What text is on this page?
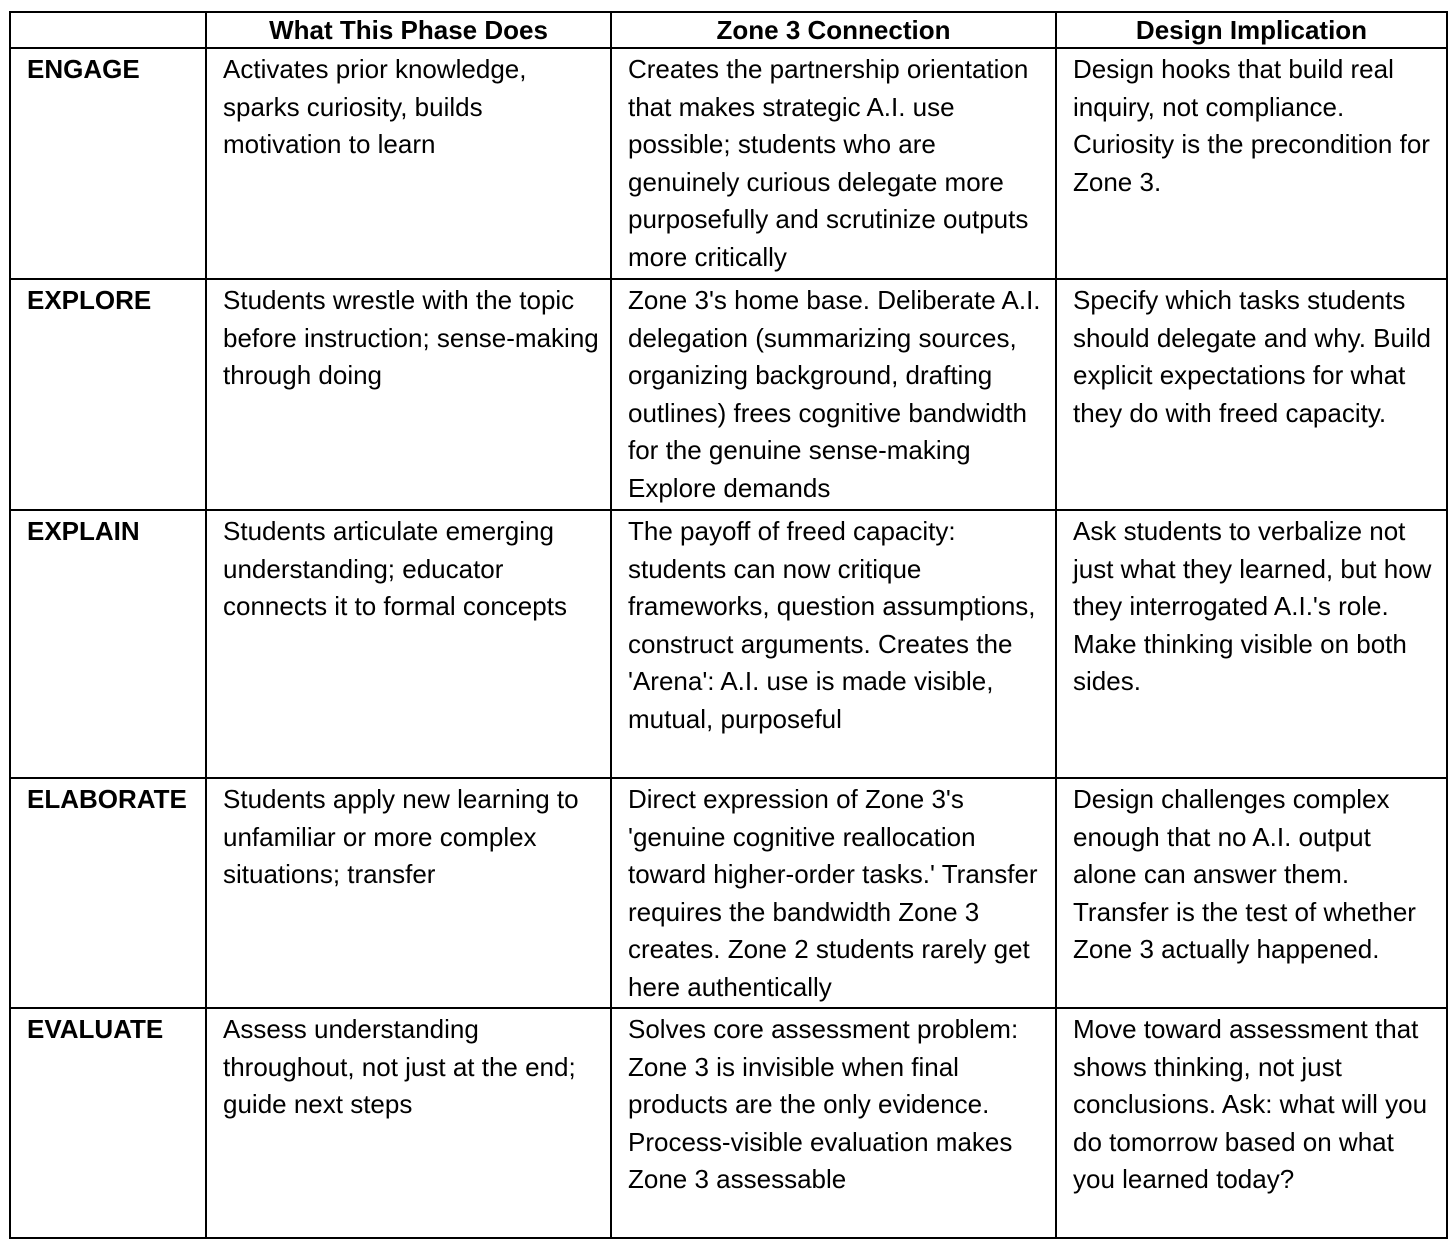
	What This Phase Does	Zone 3 Connection	Design Implication
ENGAGE	Activates prior knowledge, sparks curiosity, builds motivation to learn	Creates the partnership orientation that makes strategic A.I. use possible; students who are genuinely curious delegate more purposefully and scrutinize outputs more critically	Design hooks that build real inquiry, not compliance. Curiosity is the precondition for Zone 3.
EXPLORE	Students wrestle with the topic before instruction; sense-making through doing	Zone 3's home base. Deliberate A.I. delegation (summarizing sources, organizing background, drafting outlines) frees cognitive bandwidth for the genuine sense-making Explore demands	Specify which tasks students should delegate and why. Build explicit expectations for what they do with freed capacity.
EXPLAIN	Students articulate emerging understanding; educator connects it to formal concepts	The payoff of freed capacity: students can now critique frameworks, question assumptions, construct arguments. Creates the 'Arena': A.I. use is made visible, mutual, purposeful	Ask students to verbalize not just what they learned, but how they interrogated A.I.'s role. Make thinking visible on both sides.
ELABORATE	Students apply new learning to unfamiliar or more complex situations; transfer	Direct expression of Zone 3's 'genuine cognitive reallocation toward higher-order tasks.' Transfer requires the bandwidth Zone 3 creates. Zone 2 students rarely get here authentically	Design challenges complex enough that no A.I. output alone can answer them. Transfer is the test of whether Zone 3 actually happened.
EVALUATE	Assess understanding throughout, not just at the end; guide next steps	Solves core assessment problem: Zone 3 is invisible when final products are the only evidence. Process-visible evaluation makes Zone 3 assessable	Move toward assessment that shows thinking, not just conclusions. Ask: what will you do tomorrow based on what you learned today?
